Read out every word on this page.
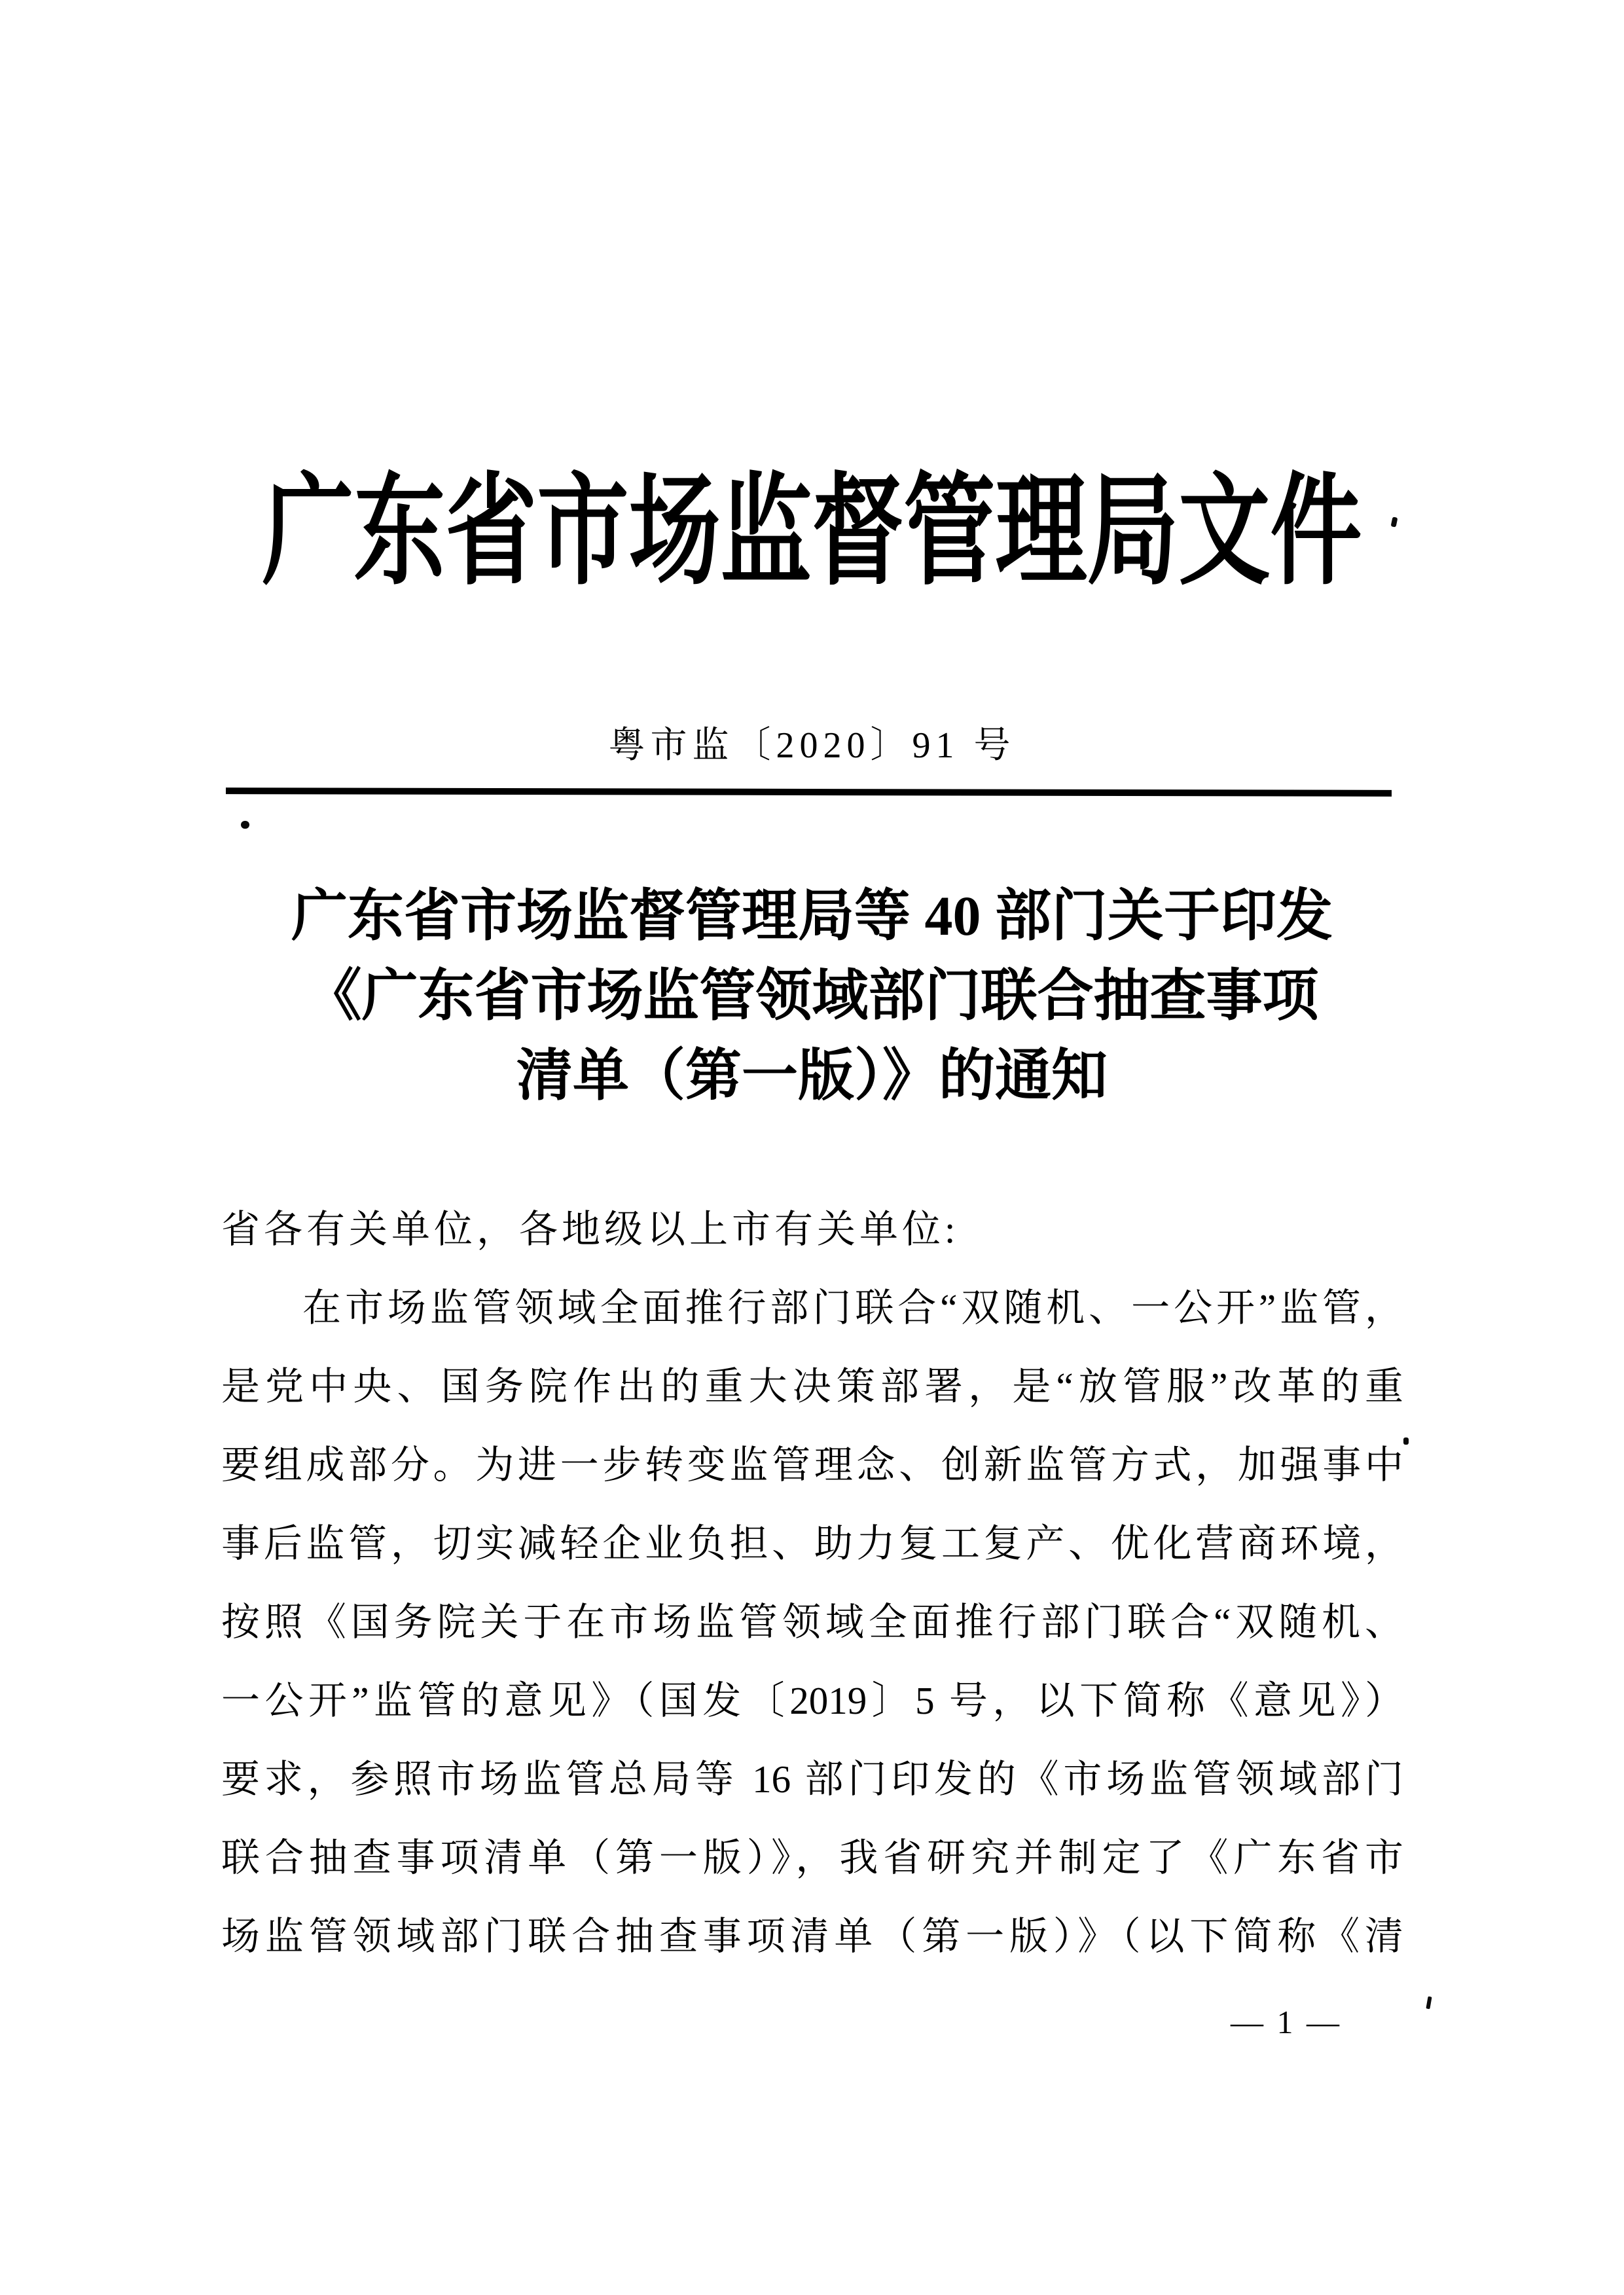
广东省市场监督管理局文件
粤市监〔2020〕91 号
广东省市场监督管理局等 40 部门关于印发
《广东省市场监管领域部门联合抽查事项
清单（第一版）》的通知
省各有关单位，各地级以上市有关单位:
在市场监管领域全面推行部门联合“双随机、一公开”监管，
是党中央、国务院作出的重大决策部署，是“放管服”改革的重
要组成部分。为进一步转变监管理念、创新监管方式，加强事中
事后监管，切实减轻企业负担、助力复工复产、优化营商环境，
按照《国务院关于在市场监管领域全面推行部门联合“双随机、
一公开”监管的意见》（国发〔2019〕5 号，以下简称《意见》）
要求，参照市场监管总局等 16 部门印发的《市场监管领域部门
联合抽查事项清单（第一版）》，我省研究并制定了《广东省市
场监管领域部门联合抽查事项清单（第一版）》（以下简称《清
— 1 —
